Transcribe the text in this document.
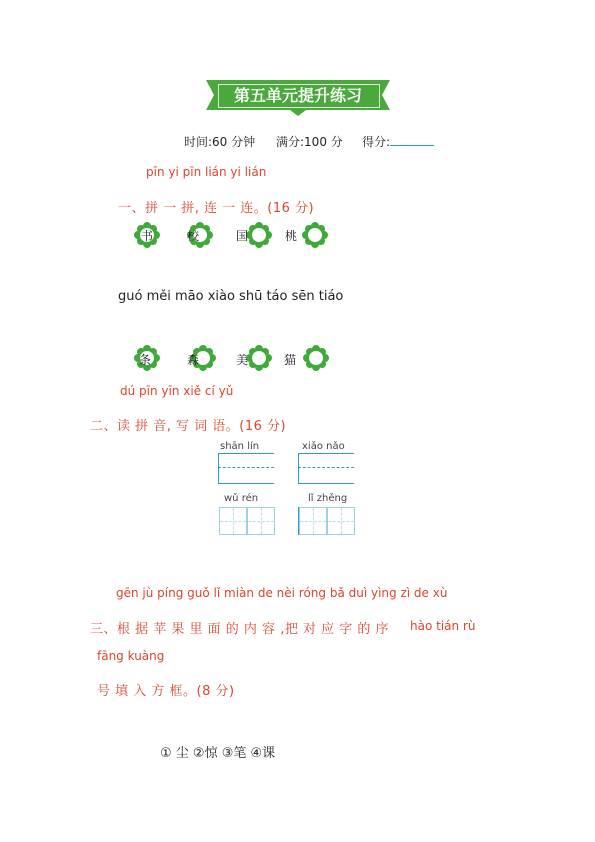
第五单元提升练习
时间:60 分钟 满分:100 分 得分:
pīn yi pīn lián yi lián
一、拼 一 拼, 连 一 连。(16 分)
书	校	国	桃
guó měi māo xiào shū táo sēn tiáo
条	森	美	猫
dú pīn yīn xiě cí yǔ
二、读 拼 音, 写 词 语。(16 分)
shān lín	xiǎo nǎo
wǔ rén	lǐ zhěng
gēn jù píng guǒ lǐ miàn de nèi róng bǎ duì yìng zì de xù
三、根 据 苹 果 里 面 的 内 容 ,把 对 应 字 的 序 hào tián rù
fāng kuàng
号 填 入 方 框。(8 分)
① 尘 ②惊 ③笔 ④课
